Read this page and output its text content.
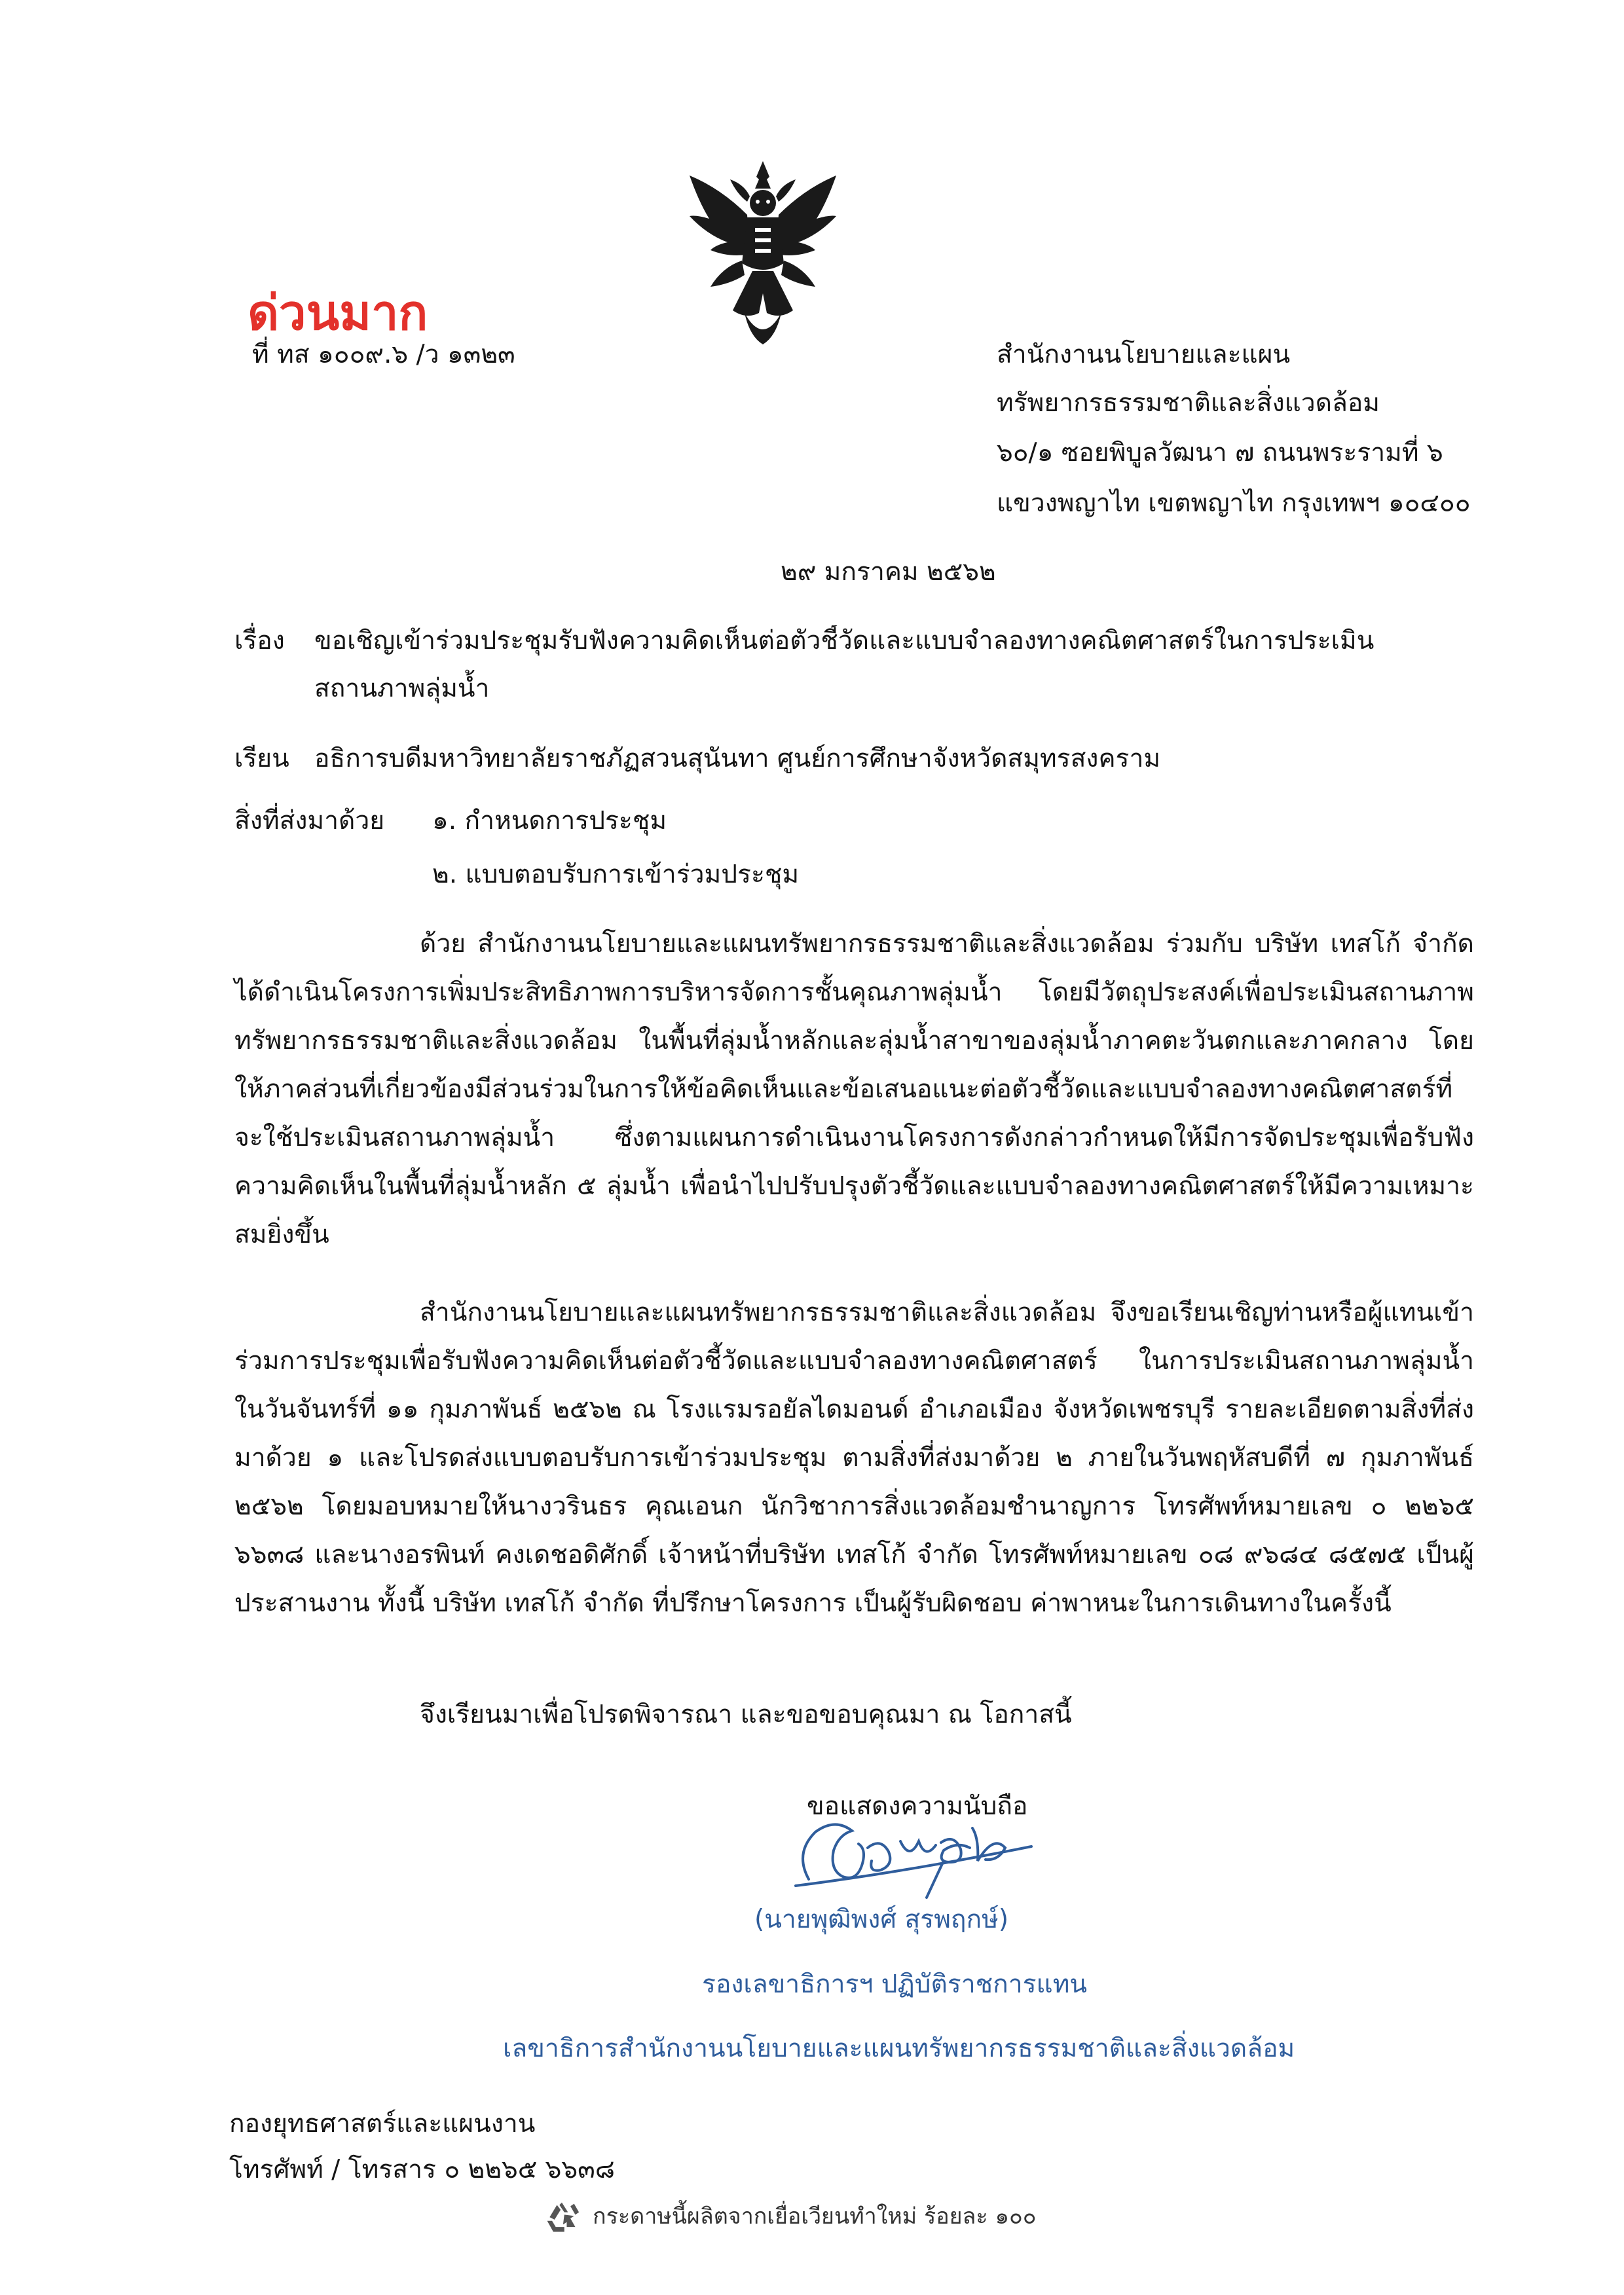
ด่วนมาก
ที่ ทส ๑๐๐๙.๖ /ว ๑๓๒๓	สำนักงานนโยบายและแผน
ทรัพยากรธรรมชาติและสิ่งแวดล้อม
๖๐/๑ ซอยพิบูลวัฒนา ๗ ถนนพระรามที่ ๖
แขวงพญาไท เขตพญาไท กรุงเทพฯ ๑๐๔๐๐
๒๙ มกราคม ๒๕๖๒
เรื่อง ขอเชิญเข้าร่วมประชุมรับฟังความคิดเห็นต่อตัวชี้วัดและแบบจำลองทางคณิตศาสตร์ในการประเมิน
สถานภาพลุ่มน้ำ
เรียน อธิการบดีมหาวิทยาลัยราชภัฏสวนสุนันทา ศูนย์การศึกษาจังหวัดสมุทรสงคราม
สิ่งที่ส่งมาด้วย ๑. กำหนดการประชุม
๒. แบบตอบรับการเข้าร่วมประชุม
ด้วย สำนักงานนโยบายและแผนทรัพยากรธรรมชาติและสิ่งแวดล้อม ร่วมกับ บริษัท เทสโก้ จำกัด ได้ดำเนินโครงการเพิ่มประสิทธิภาพการบริหารจัดการชั้นคุณภาพลุ่มน้ำ โดยมีวัตถุประสงค์เพื่อประเมินสถานภาพทรัพยากรธรรมชาติและสิ่งแวดล้อม ในพื้นที่ลุ่มน้ำหลักและลุ่มน้ำสาขาของลุ่มน้ำภาคตะวันตกและภาคกลาง โดยให้ภาคส่วนที่เกี่ยวข้องมีส่วนร่วมในการให้ข้อคิดเห็นและข้อเสนอแนะต่อตัวชี้วัดและแบบจำลองทางคณิตศาสตร์ที่จะใช้ประเมินสถานภาพลุ่มน้ำ ซึ่งตามแผนการดำเนินงานโครงการดังกล่าวกำหนดให้มีการจัดประชุมเพื่อรับฟังความคิดเห็นในพื้นที่ลุ่มน้ำหลัก ๕ ลุ่มน้ำ เพื่อนำไปปรับปรุงตัวชี้วัดและแบบจำลองทางคณิตศาสตร์ให้มีความเหมาะสมยิ่งขึ้น
สำนักงานนโยบายและแผนทรัพยากรธรรมชาติและสิ่งแวดล้อม จึงขอเรียนเชิญท่านหรือผู้แทนเข้าร่วมการประชุมเพื่อรับฟังความคิดเห็นต่อตัวชี้วัดและแบบจำลองทางคณิตศาสตร์ ในการประเมินสถานภาพลุ่มน้ำ ในวันจันทร์ที่ ๑๑ กุมภาพันธ์ ๒๕๖๒ ณ โรงแรมรอยัลไดมอนด์ อำเภอเมือง จังหวัดเพชรบุรี รายละเอียดตามสิ่งที่ส่งมาด้วย ๑ และโปรดส่งแบบตอบรับการเข้าร่วมประชุม ตามสิ่งที่ส่งมาด้วย ๒ ภายในวันพฤหัสบดีที่ ๗ กุมภาพันธ์ ๒๕๖๒ โดยมอบหมายให้นางวรินธร คุณเอนก นักวิชาการสิ่งแวดล้อมชำนาญการ โทรศัพท์หมายเลข ๐ ๒๒๖๕ ๖๖๓๘ และนางอรพินท์ คงเดชอดิศักดิ์ เจ้าหน้าที่บริษัท เทสโก้ จำกัด โทรศัพท์หมายเลข ๐๘ ๙๖๘๔ ๘๕๗๕ เป็นผู้ประสานงาน ทั้งนี้ บริษัท เทสโก้ จำกัด ที่ปรึกษาโครงการ เป็นผู้รับผิดชอบ ค่าพาหนะในการเดินทางในครั้งนี้
จึงเรียนมาเพื่อโปรดพิจารณา และขอขอบคุณมา ณ โอกาสนี้
ขอแสดงความนับถือ
(นายพุฒิพงศ์ สุรพฤกษ์)
รองเลขาธิการฯ ปฏิบัติราชการแทน
เลขาธิการสำนักงานนโยบายและแผนทรัพยากรธรรมชาติและสิ่งแวดล้อม
กองยุทธศาสตร์และแผนงาน
โทรศัพท์ / โทรสาร ๐ ๒๒๖๕ ๖๖๓๘
กระดาษนี้ผลิตจากเยื่อเวียนทำใหม่ ร้อยละ ๑๐๐
